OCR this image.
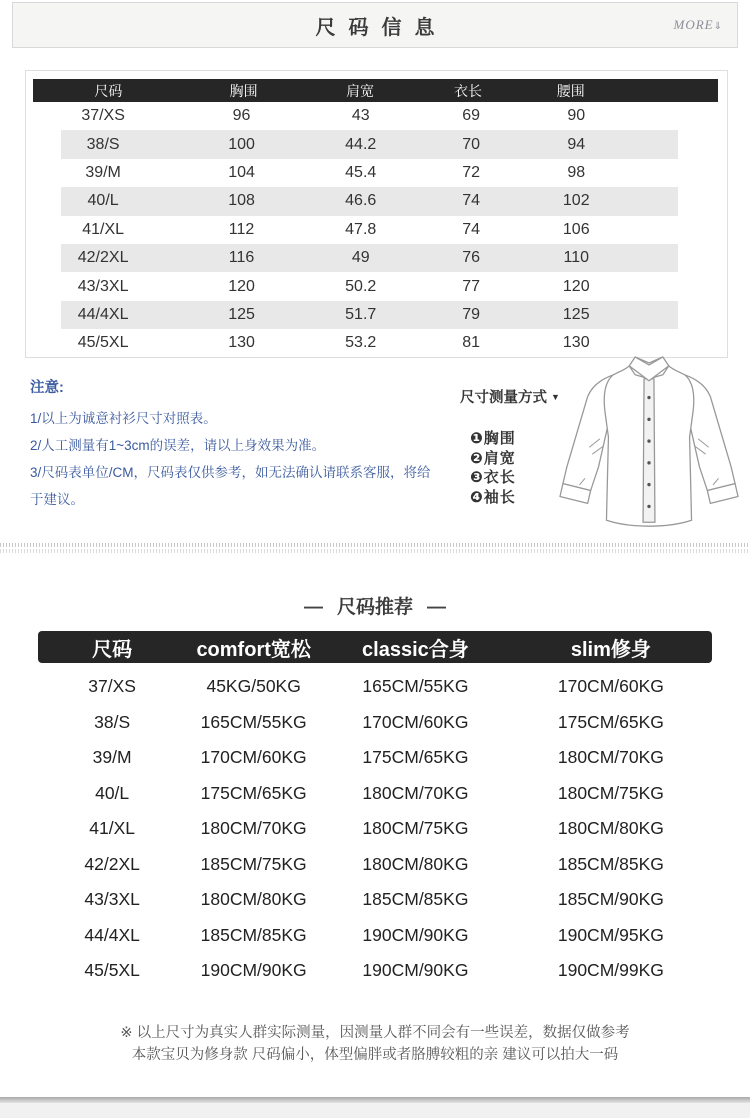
尺码信息	MORE⇓
尺码	胸围	肩宽	衣长	腰围
37/XS	96	43	69	90
38/S	100	44.2	70	94
39/M	104	45.4	72	98
40/L	108	46.6	74	102
41/XL	112	47.8	74	106
42/2XL	116	49	76	110
43/3XL	120	50.2	77	120
44/4XL	125	51.7	79	125
45/5XL	130	53.2	81	130
注意:
1/以上为诚意衬衫尺寸对照表。
2/人工测量有1~3cm的误差，请以上身效果为准。
3/尺码表单位/CM，尺码表仅供参考，如无法确认请联系客服，将给于建议。
尺寸测量方式 ▼
❶胸围
❷肩宽
❸衣长
❹袖长
— 尺码推荐 —
尺码	comfort宽松	classic合身	slim修身
37/XS	45KG/50KG	165CM/55KG	170CM/60KG
38/S	165CM/55KG	170CM/60KG	175CM/65KG
39/M	170CM/60KG	175CM/65KG	180CM/70KG
40/L	175CM/65KG	180CM/70KG	180CM/75KG
41/XL	180CM/70KG	180CM/75KG	180CM/80KG
42/2XL	185CM/75KG	180CM/80KG	185CM/85KG
43/3XL	180CM/80KG	185CM/85KG	185CM/90KG
44/4XL	185CM/85KG	190CM/90KG	190CM/95KG
45/5XL	190CM/90KG	190CM/90KG	190CM/99KG
※ 以上尺寸为真实人群实际测量，因测量人群不同会有一些误差，数据仅做参考
本款宝贝为修身款 尺码偏小，体型偏胖或者胳膊较粗的亲 建议可以拍大一码
